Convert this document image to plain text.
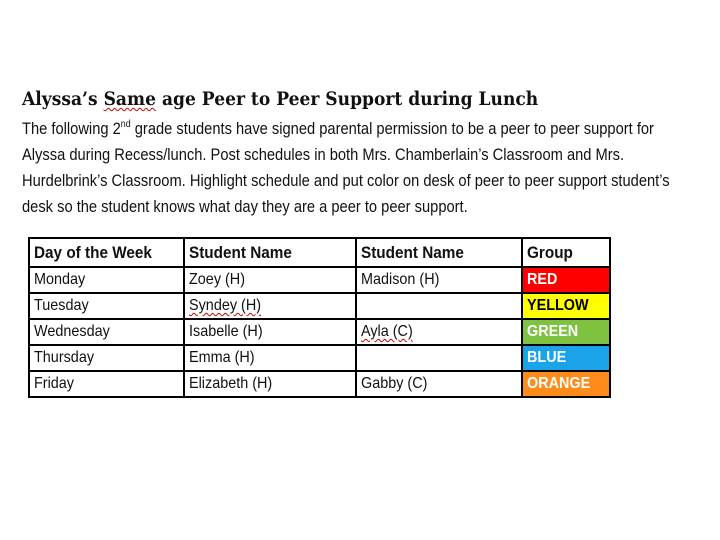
Alyssa’s Same age Peer to Peer Support during Lunch
The following 2nd grade students have signed parental permission to be a peer to peer support for
Alyssa during Recess/lunch. Post schedules in both Mrs. Chamberlain’s Classroom and Mrs.
Hurdelbrink’s Classroom. Highlight schedule and put color on desk of peer to peer support student’s
desk so the student knows what day they are a peer to peer support.
Day of the Week	Student Name	Student Name	Group
Monday	Zoey (H)	Madison (H)	RED
Tuesday	Syndey (H)		YELLOW
Wednesday	Isabelle (H)	Ayla (C)	GREEN
Thursday	Emma (H)		BLUE
Friday	Elizabeth (H)	Gabby (C)	ORANGE
